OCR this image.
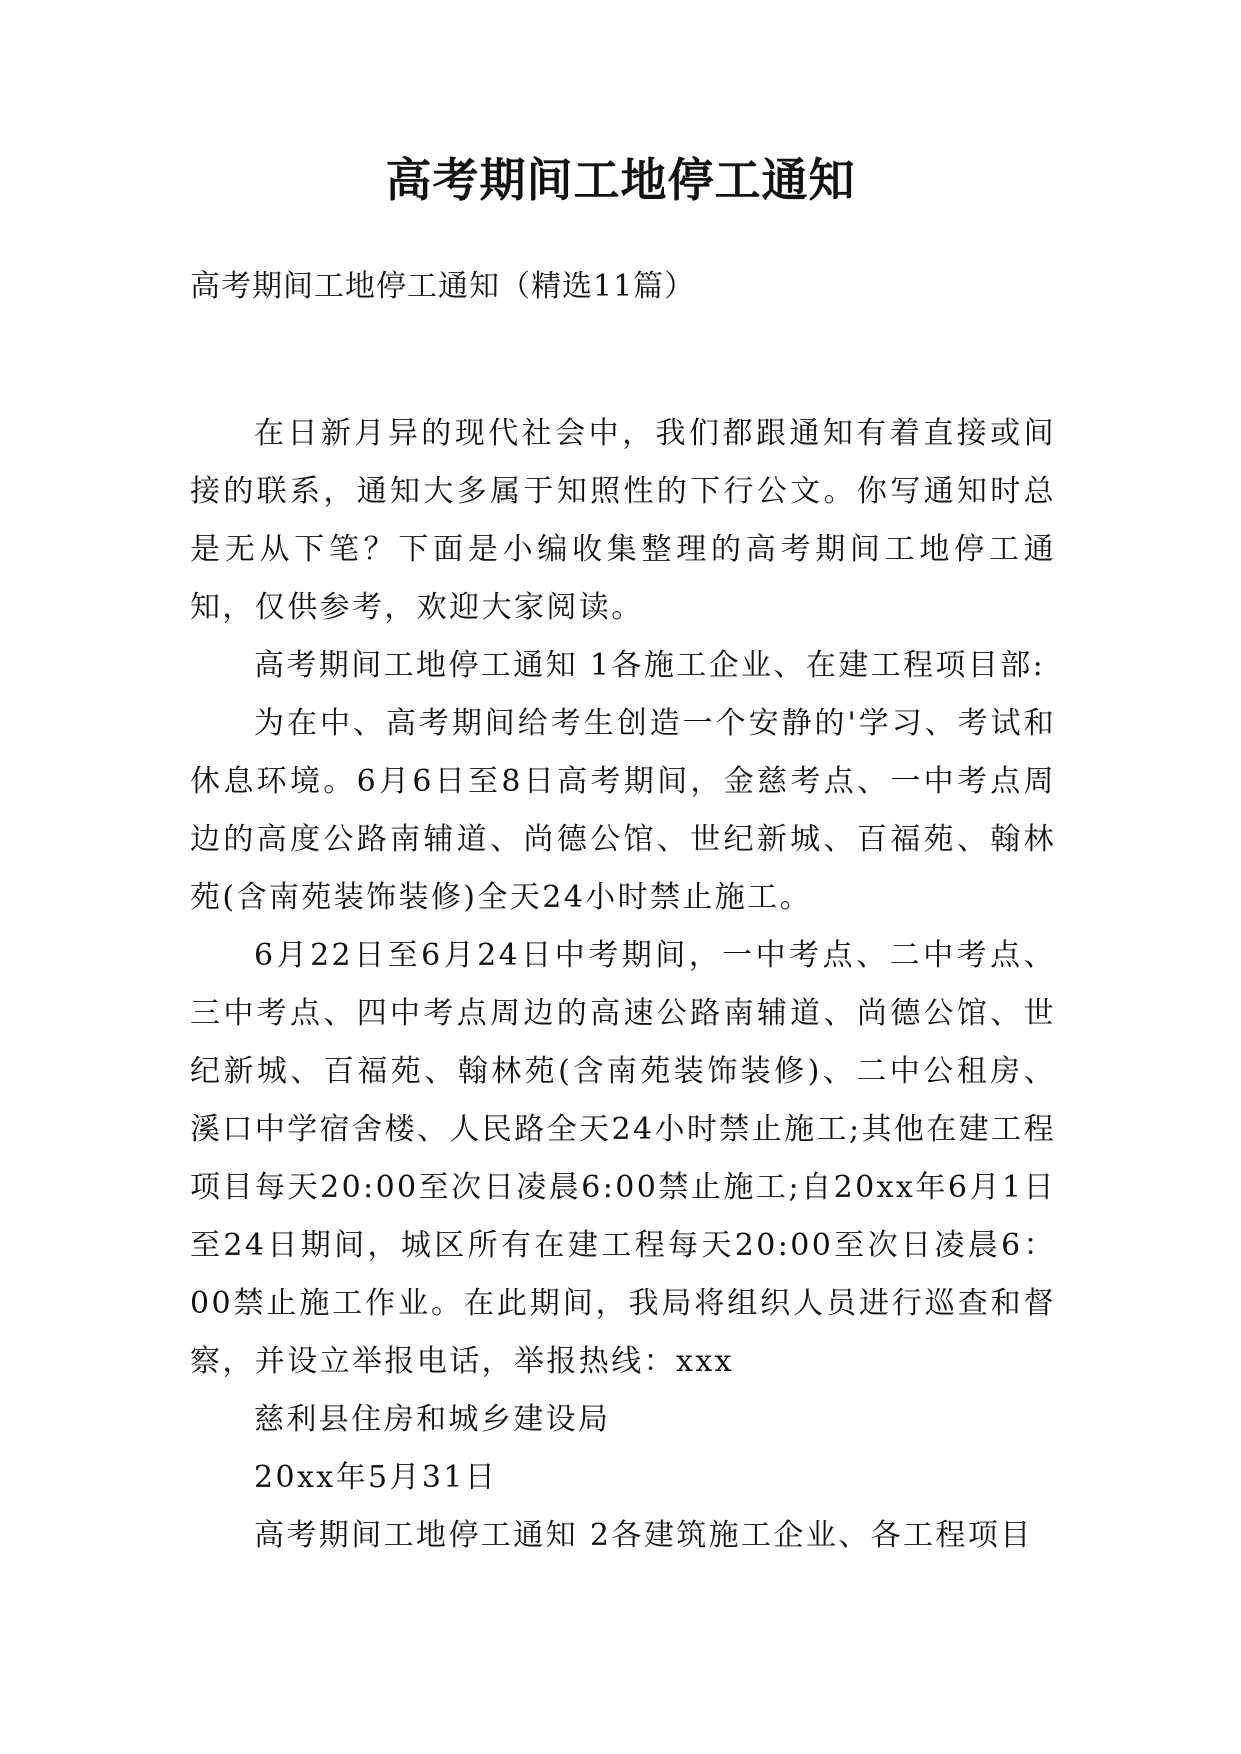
高考期间工地停工通知
高考期间工地停工通知（精选11篇）

在日新月异的现代社会中，我们都跟通知有着直接或间接的联系，通知大多属于知照性的下行公文。你写通知时总是无从下笔？下面是小编收集整理的高考期间工地停工通知，仅供参考，欢迎大家阅读。

高考期间工地停工通知 1各施工企业、在建工程项目部:

为在中、高考期间给考生创造一个安静的'学习、考试和休息环境。6月6日至8日高考期间，金慈考点、一中考点周边的高度公路南辅道、尚德公馆、世纪新城、百福苑、翰林苑(含南苑装饰装修)全天24小时禁止施工。

6月22日至6月24日中考期间，一中考点、二中考点、三中考点、四中考点周边的高速公路南辅道、尚德公馆、世纪新城、百福苑、翰林苑(含南苑装饰装修)、二中公租房、溪口中学宿舍楼、人民路全天24小时禁止施工;其他在建工程项目每天20:00至次日凌晨6:00禁止施工;自20xx年6月1日至24日期间，城区所有在建工程每天20:00至次日凌晨6：00禁止施工作业。在此期间，我局将组织人员进行巡查和督察，并设立举报电话，举报热线：xxx

慈利县住房和城乡建设局

20xx年5月31日

高考期间工地停工通知 2各建筑施工企业、各工程项目
